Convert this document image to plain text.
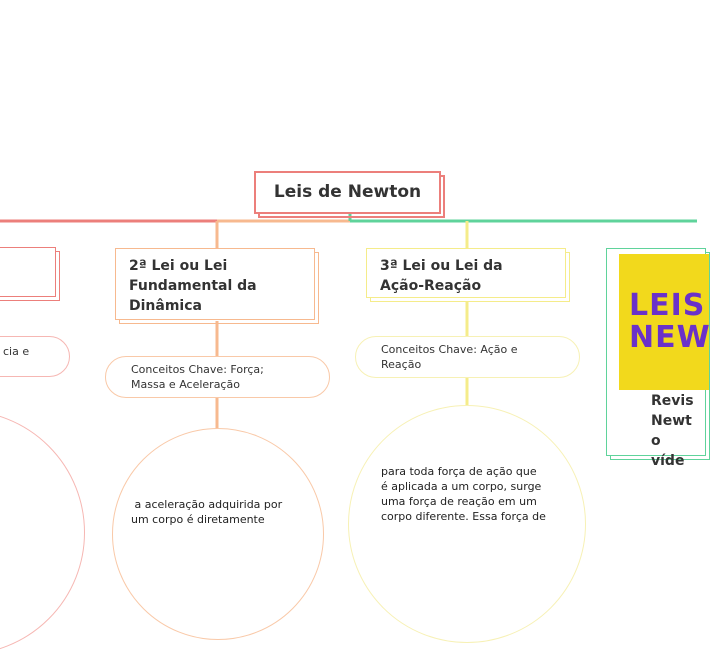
Leis de Newton
cia e
2ª Lei ou Lei
Fundamental da
Dinâmica
Conceitos Chave: Força;
Massa e Aceleração
a aceleração adquirida por
um corpo é diretamente
3ª Lei ou Lei da
Ação-Reação
Conceitos Chave: Ação e
Reação
para toda força de ação que
é aplicada a um corpo, surge
uma força de reação em um
corpo diferente. Essa força de
LEIS
NEW
Revis
Newt
o víde
